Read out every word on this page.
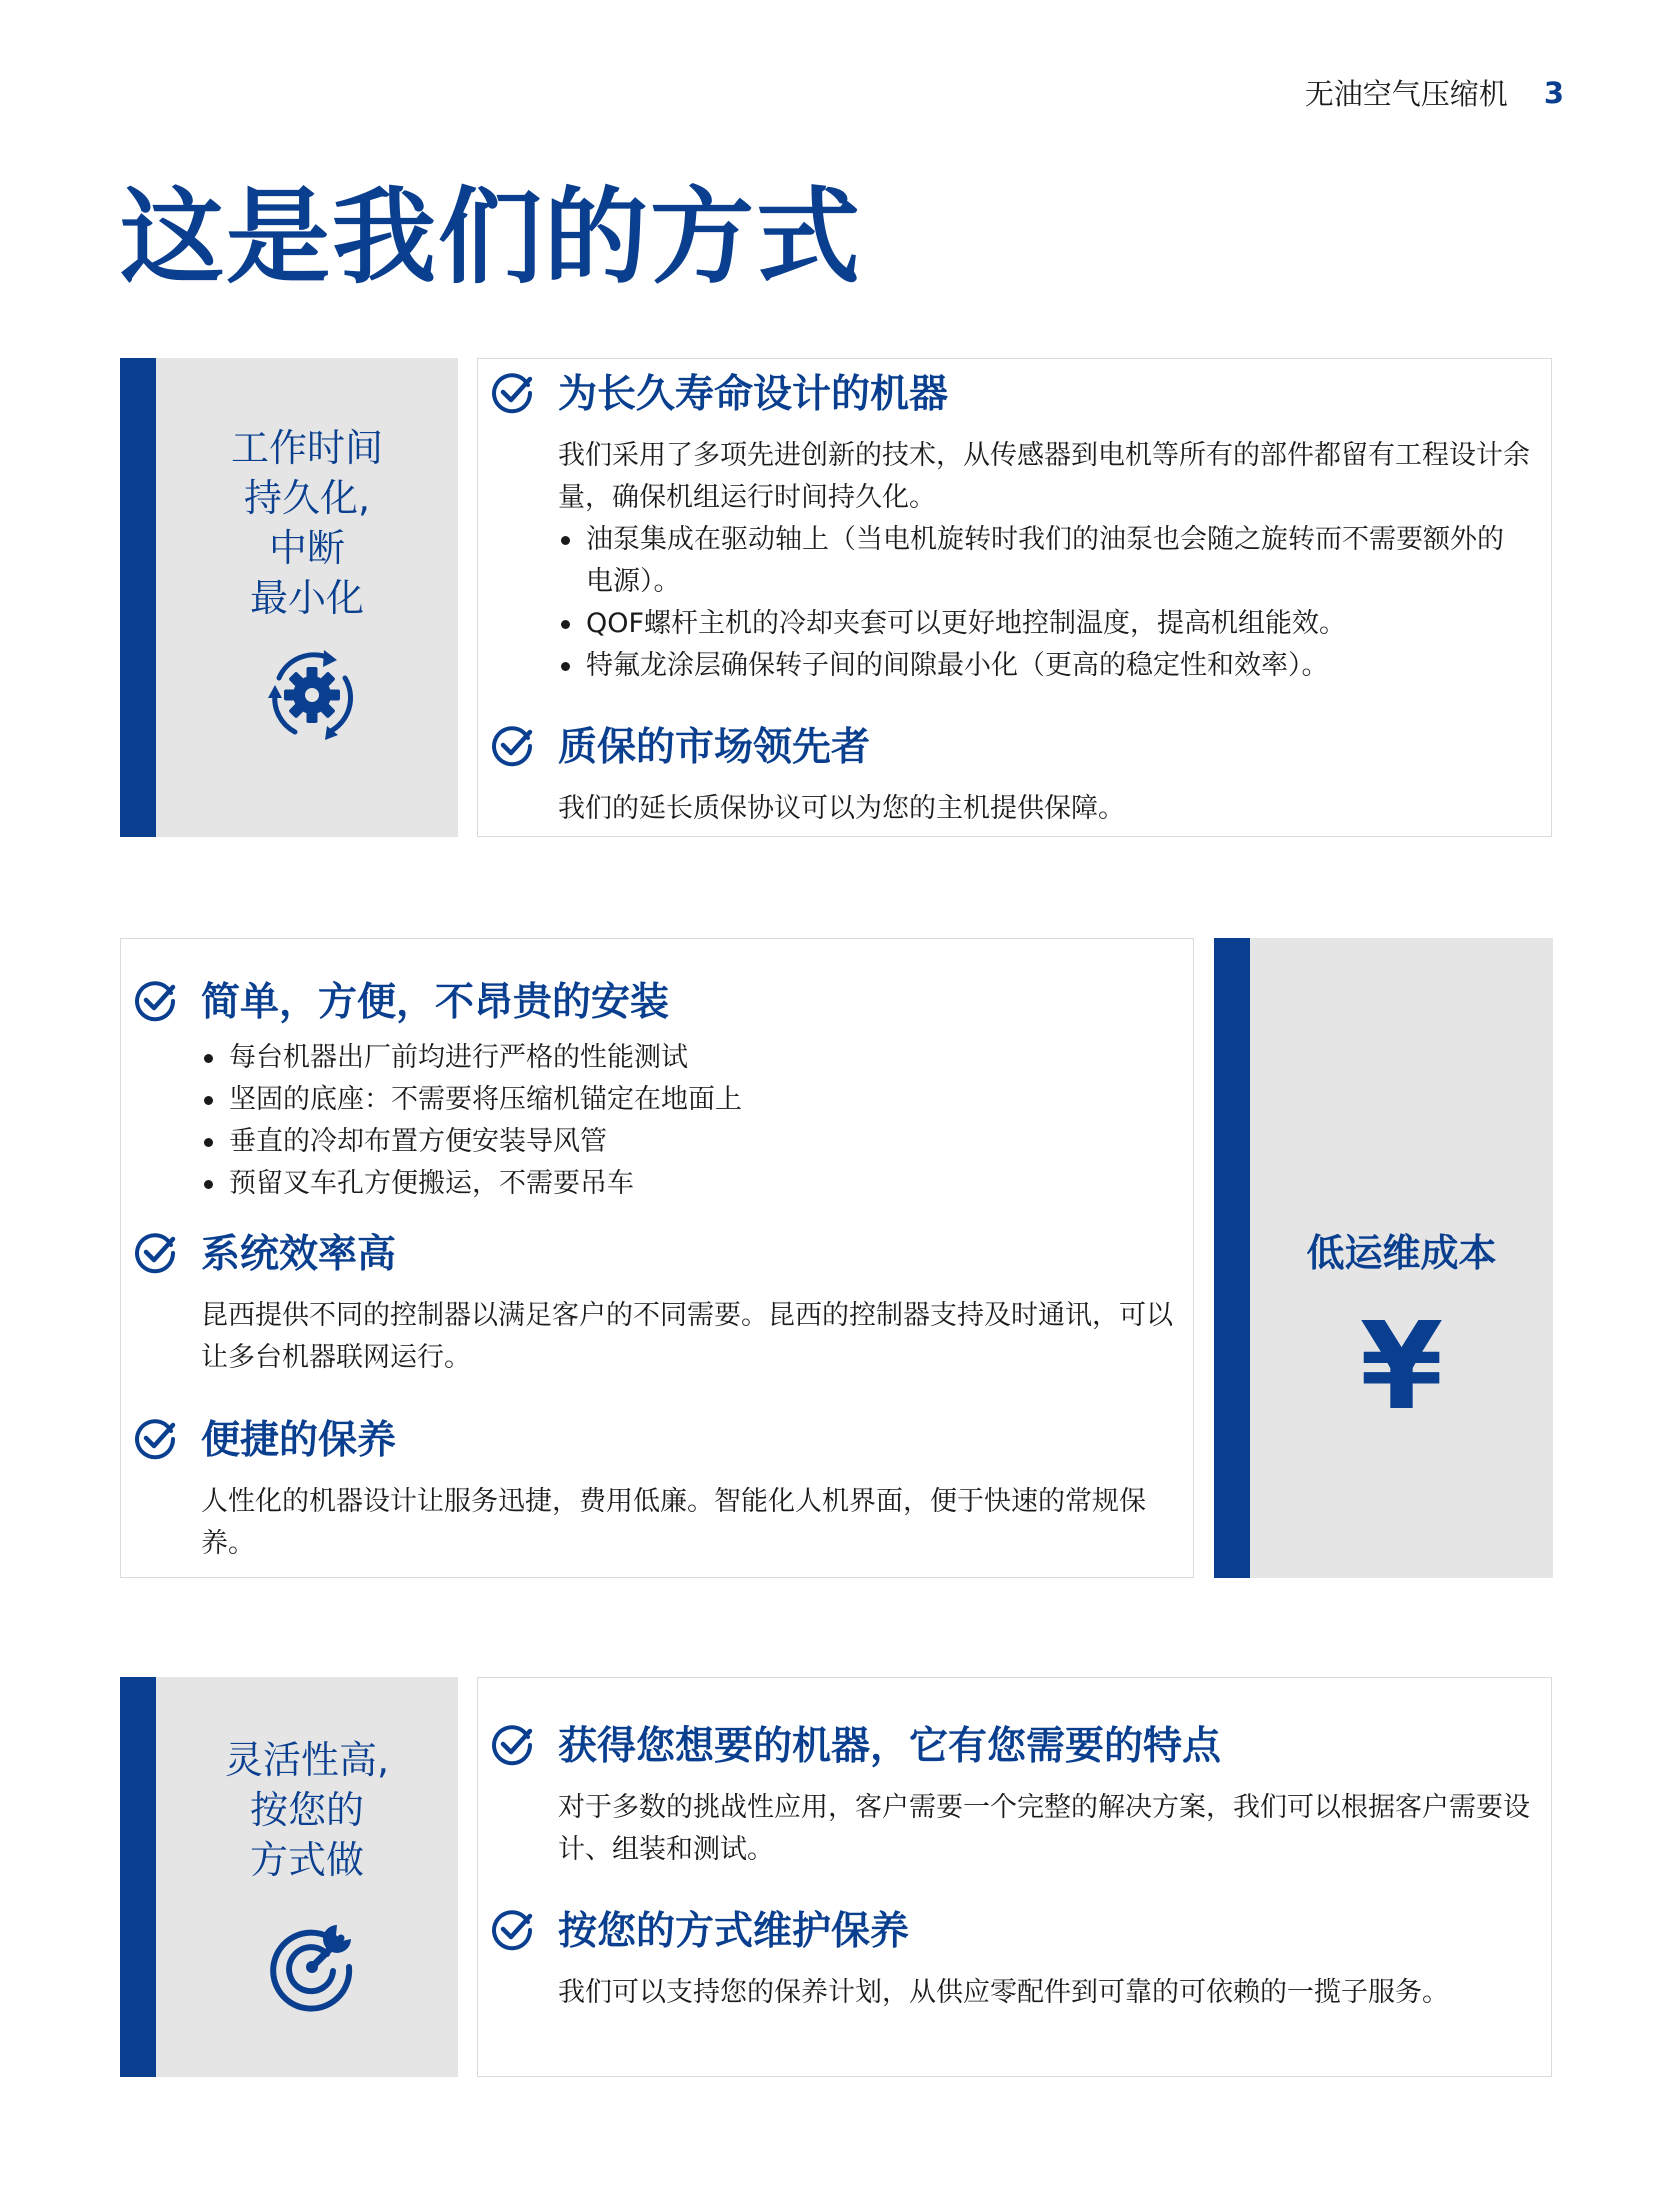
无油空气压缩机 3
这是我们的方式
工作时间
持久化,
中断
最小化
为长久寿命设计的机器

我们采用了多项先进创新的技术，从传感器到电机等所有的部件都留有工程设计余量，确保机组运行时间持久化。

油泵集成在驱动轴上（当电机旋转时我们的油泵也会随之旋转而不需要额外的电源）。
QOF螺杆主机的冷却夹套可以更好地控制温度，提高机组能效。
特氟龙涂层确保转子间的间隙最小化（更高的稳定性和效率）。
质保的市场领先者

我们的延长质保协议可以为您的主机提供保障。

简单，方便，不昂贵的安装
每台机器出厂前均进行严格的性能测试
坚固的底座：不需要将压缩机锚定在地面上
垂直的冷却布置方便安装导风管
预留叉车孔方便搬运，不需要吊车
系统效率高

昆西提供不同的控制器以满足客户的不同需要。昆西的控制器支持及时通讯，可以让多台机器联网运行。

便捷的保养

人性化的机器设计让服务迅捷，费用低廉。智能化人机界面，便于快速的常规保养。

低运维成本
¥
灵活性高,
按您的
方式做
获得您想要的机器，它有您需要的特点

对于多数的挑战性应用，客户需要一个完整的解决方案，我们可以根据客户需要设计、组装和测试。

按您的方式维护保养

我们可以支持您的保养计划，从供应零配件到可靠的可依赖的一揽子服务。
